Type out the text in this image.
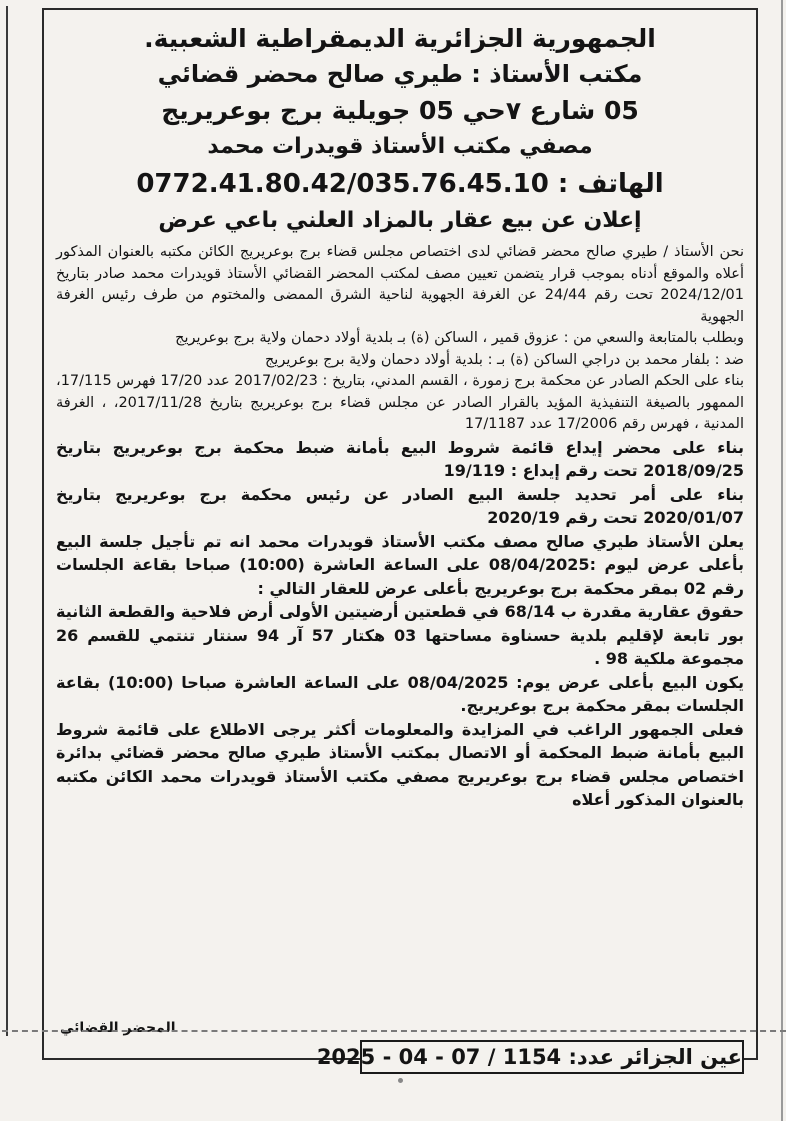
الجمهورية الجزائرية الديمقراطية الشعبية.
مكتب الأستاذ : طيري صالح محضر قضائي
05 شارع ٧حي 05 جويلية برج بوعريريج
مصفي مكتب الأستاذ قويدرات محمد
الهاتف : 0772.41.80.42/035.76.45.10
إعلان عن بيع عقار بالمزاد العلني باعي عرض

نحن الأستاذ / طيري صالح محضر قضائي لدى اختصاص مجلس قضاء برج بوعريريج الكائن مكتبه بالعنوان المذكور أعلاه والموقع أدناه بموجب قرار يتضمن تعيين مصف لمكتب المحضر القضائي الأستاذ قويدرات محمد صادر بتاريخ 2024/12/01 تحت رقم 24/44 عن الغرفة الجهوية لناحية الشرق الممضى والمختوم من طرف رئيس الغرفة الجهوية

وبطلب بالمتابعة والسعي من : عزوق قمير ، الساكن (ة) بـ بلدية أولاد دحمان ولاية برج بوعريريج

ضد : بلفار محمد بن دراجي الساكن (ة) بـ : بلدية أولاد دحمان ولاية برج بوعريريج

بناء على الحكم الصادر عن محكمة برج زمورة ، القسم المدني، بتاريخ : 2017/02/23 عدد 17/20 فهرس 17/115، الممهور بالصيغة التنفيذية المؤيد بالقرار الصادر عن مجلس قضاء برج بوعريريج بتاريخ 2017/11/28، ، الغرفة المدنية ، فهرس رقم 17/2006 عدد 17/1187

بناء على محضر إيداع قائمة شروط البيع بأمانة ضبط محكمة برج بوعريريج بتاريخ 2018/09/25 تحت رقم إيداع : 19/119

بناء على أمر تحديد جلسة البيع الصادر عن رئيس محكمة برج بوعريريج بتاريخ 2020/01/07 تحت رقم 2020/19

يعلن الأستاذ طيري صالح مصف مكتب الأستاذ قويدرات محمد انه تم تأجيل جلسة البيع بأعلى عرض ليوم :08/04/2025 على الساعة العاشرة (10:00) صباحا بقاعة الجلسات رقم 02 بمقر محكمة برج بوعريريج بأعلى عرض للعقار التالي :

حقوق عقارية مقدرة ب 68/14 في قطعتين أرضيتين الأولى أرض فلاحية والقطعة الثانية بور تابعة لإقليم بلدية حسناوة مساحتها 03 هكتار 57 آر 94 سنتار تنتمي للقسم 26 مجموعة ملكية 98 .

يكون البيع بأعلى عرض يوم: 08/04/2025 على الساعة العاشرة صباحا (10:00) بقاعة الجلسات بمقر محكمة برج بوعريريج.

فعلى الجمهور الراغب في المزايدة والمعلومات أكثر يرجى الاطلاع على قائمة شروط البيع بأمانة ضبط المحكمة أو الاتصال بمكتب الأستاذ طيري صالح محضر قضائي بدائرة اختصاص مجلس قضاء برج بوعريريج مصفي مكتب الأستاذ قويدرات محمد الكائن مكتبه بالعنوان المذكور أعلاه

المحضر القضائي
عين الجزائر عدد: 1154 / 07 - 04 - 2025
